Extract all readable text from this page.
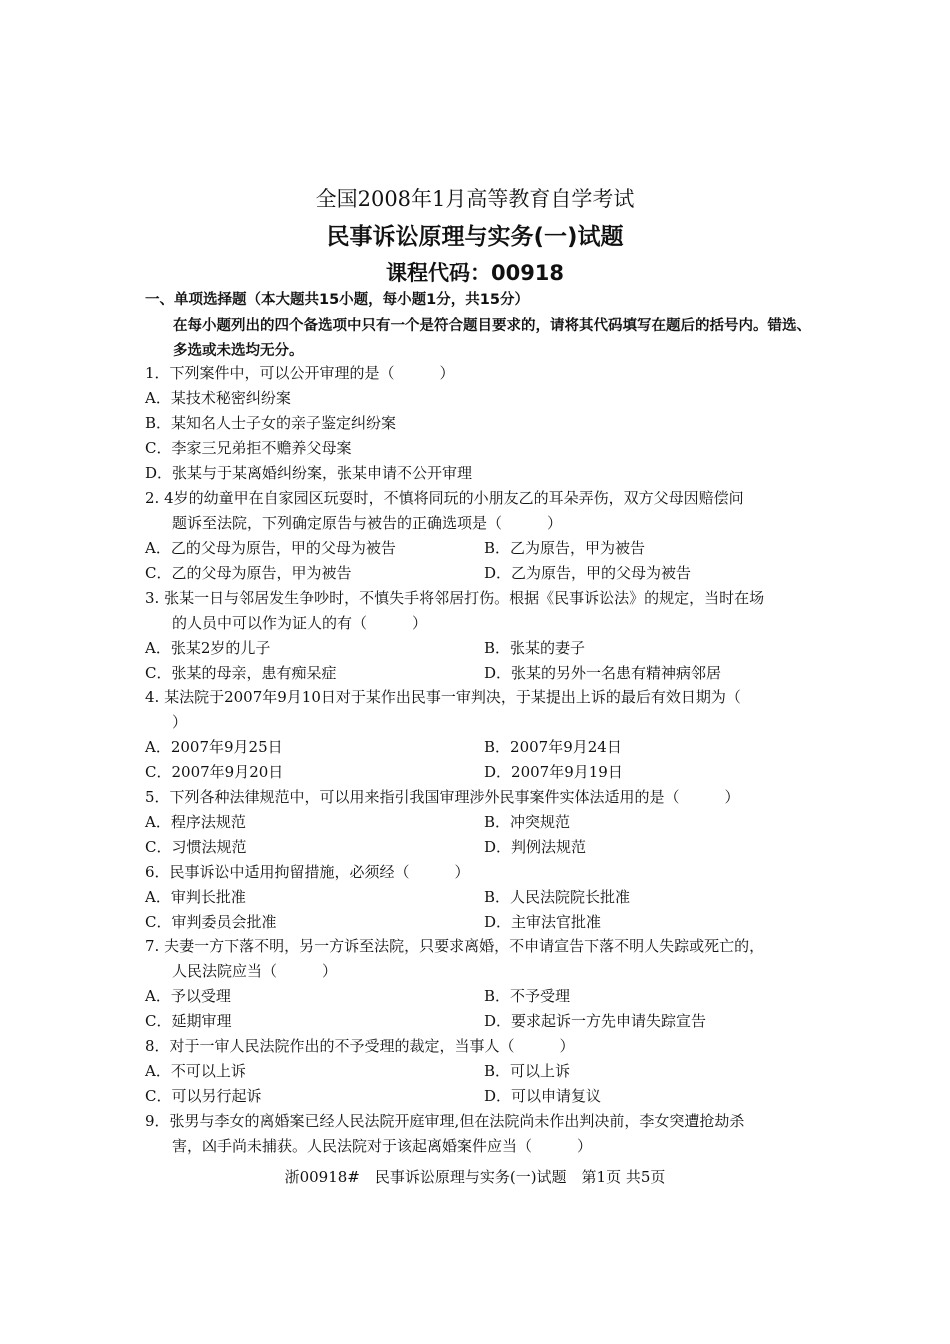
全国2008年1月高等教育自学考试
民事诉讼原理与实务(一)试题
课程代码：00918
一、单项选择题（本大题共15小题，每小题1分，共15分）
在每小题列出的四个备选项中只有一个是符合题目要求的，请将其代码填写在题后的括号内。错选、多选或未选均无分。
1．下列案件中，可以公开审理的是（　　　）
A．某技术秘密纠纷案
B．某知名人士子女的亲子鉴定纠纷案
C．李家三兄弟拒不赡养父母案
D．张某与于某离婚纠纷案，张某申请不公开审理
2. 4岁的幼童甲在自家园区玩耍时，不慎将同玩的小朋友乙的耳朵弄伤，双方父母因赔偿问
题诉至法院，下列确定原告与被告的正确选项是（　　　）
A．乙的父母为原告，甲的父母为被告	B．乙为原告，甲为被告
C．乙的父母为原告，甲为被告	D．乙为原告，甲的父母为被告
3. 张某一日与邻居发生争吵时，不慎失手将邻居打伤。根据《民事诉讼法》的规定，当时在场
的人员中可以作为证人的有（　　　）
A．张某2岁的儿子	B．张某的妻子
C．张某的母亲，患有痴呆症	D．张某的另外一名患有精神病邻居
4. 某法院于2007年9月10日对于某作出民事一审判决，于某提出上诉的最后有效日期为（
）
A．2007年9月25日	B．2007年9月24日
C．2007年9月20日	D．2007年9月19日
5．下列各种法律规范中，可以用来指引我国审理涉外民事案件实体法适用的是（　　　）
A．程序法规范	B．冲突规范
C．习惯法规范	D．判例法规范
6．民事诉讼中适用拘留措施，必须经（　　　）
A．审判长批准	B．人民法院院长批准
C．审判委员会批准	D．主审法官批准
7. 夫妻一方下落不明，另一方诉至法院，只要求离婚，不申请宣告下落不明人失踪或死亡的，
人民法院应当（　　　）
A．予以受理	B．不予受理
C．延期审理	D．要求起诉一方先申请失踪宣告
8．对于一审人民法院作出的不予受理的裁定，当事人（　　　）
A．不可以上诉	B．可以上诉
C．可以另行起诉	D．可以申请复议
9．张男与李女的离婚案已经人民法院开庭审理,但在法院尚未作出判决前，李女突遭抢劫杀
害，凶手尚未捕获。人民法院对于该起离婚案件应当（　　　）
浙00918#　民事诉讼原理与实务(一)试题　第1页 共5页
